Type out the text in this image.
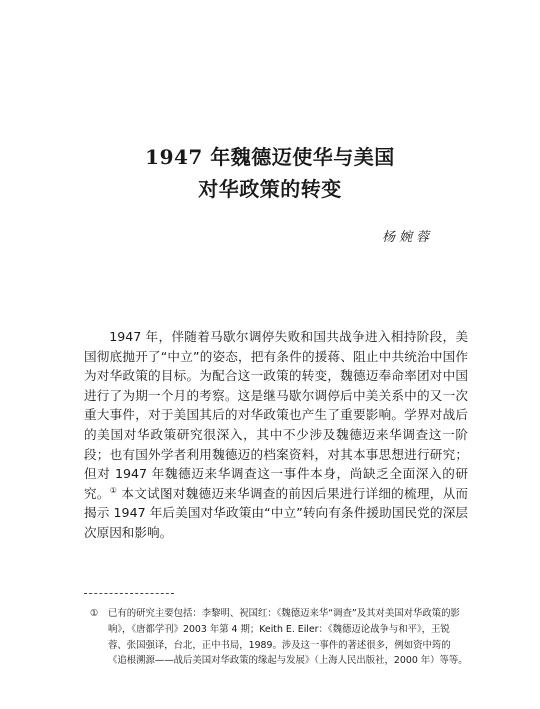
1947 年魏德迈使华与美国
对华政策的转变
杨婉蓉

1947 年，伴随着马歇尔调停失败和国共战争进入相持阶段，美国彻底抛开了“中立”的姿态，把有条件的援蒋、阻止中共统治中国作为对华政策的目标。为配合这一政策的转变，魏德迈奉命率团对中国进行了为期一个月的考察。这是继马歇尔调停后中美关系中的又一次重大事件，对于美国其后的对华政策也产生了重要影响。学界对战后的美国对华政策研究很深入，其中不少涉及魏德迈来华调查这一阶段；也有国外学者利用魏德迈的档案资料，对其本事思想进行研究；但对 1947 年魏德迈来华调查这一事件本身，尚缺乏全面深入的研究。① 本文试图对魏德迈来华调查的前因后果进行详细的梳理，从而揭示 1947 年后美国对华政策由“中立”转向有条件援助国民党的深层次原因和影响。

① 已有的研究主要包括：李黎明、祝国红：《魏德迈来华“调查”及其对美国对华政策的影响》，《唐都学刊》2003 年第 4 期；Keith E. Eiler：《魏德迈论战争与和平》，王锐蓉、张国强译，台北，正中书局，1989。涉及这一事件的著述很多，例如资中筠的《追根溯源——战后美国对华政策的缘起与发展》（上海人民出版社，2000 年）等等。
